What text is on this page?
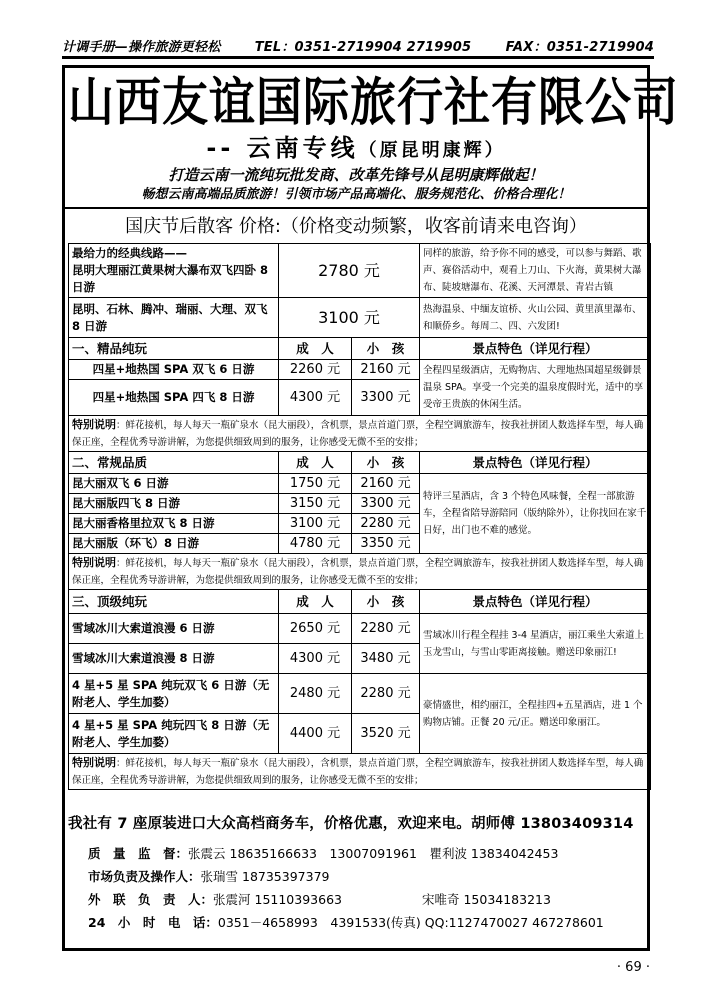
计调手册—操作旅游更轻松	TEL：0351-2719904 2719905	FAX：0351-2719904
山西友谊国际旅行社有限公司
-- 云南专线（原昆明康辉）
打造云南一流纯玩批发商、改革先锋号从昆明康辉做起！
畅想云南高端品质旅游！引领市场产品高端化、服务规范化、价格合理化！
国庆节后散客 价格:（价格变动频繁，收客前请来电咨询）
最给力的经典线路——
昆明大理丽江黄果树大瀑布双飞四卧 8 日游	2780 元		同样的旅游，给予你不同的感受，可以参与舞蹈、歌声、赛俗活动中，观看上刀山、下火海，黄果树大瀑布、陡坡塘瀑布、花溪、天河潭景、青岩古镇
昆明、石林、腾冲、瑞丽、大理、双飞 8 日游	3100 元		热海温泉、中缅友谊桥、火山公园、黄里滇里瀑布、和顺侨乡。每周二、四、六发团!
一、精品纯玩	成　人	小　孩	景点特色（详见行程）
四星+地热国 SPA 双飞 6 日游	2260 元	2160 元	全程四星级酒店，无购物店、大理地热国超星级御景温泉 SPA。享受一个完美的温泉度假时光，适中的享受帝王贵族的休闲生活。
四星+地热国 SPA 四飞 8 日游	4300 元	3300 元	
特别说明：鲜花接机，每人每天一瓶矿泉水（昆大丽段），含机票，景点首道门票，全程空调旅游车，按我社拼团人数选择车型，每人确保正座，全程优秀导游讲解，为您提供细致周到的服务，让你感受无微不至的安排；			
二、常规品质	成　人	小　孩	景点特色（详见行程）
昆大丽双飞 6 日游	1750 元	2160 元	特评三星酒店，含 3 个特色风味餐，全程一部旅游车，全程省陪导游陪同（版纳除外），让你找回在家千日好，出门也不难的感觉。
昆大丽版四飞 8 日游	3150 元	3300 元	
昆大丽香格里拉双飞 8 日游	3100 元	2280 元	
昆大丽版（环飞）8 日游	4780 元	3350 元	
特别说明：鲜花接机，每人每天一瓶矿泉水（昆大丽段），含机票，景点首道门票，全程空调旅游车，按我社拼团人数选择车型，每人确保正座，全程优秀导游讲解，为您提供细致周到的服务，让你感受无微不至的安排；			
三、顶级纯玩	成　人	小　孩	景点特色（详见行程）
雪域冰川大索道浪漫 6 日游	2650 元	2280 元	雪域冰川行程全程挂 3-4 星酒店，丽江乘坐大索道上玉龙雪山，与雪山零距离接触。赠送印象丽江!
雪域冰川大索道浪漫 8 日游	4300 元	3480 元	
4 星+5 星 SPA 纯玩双飞 6 日游（无附老人、学生加婺）	2480 元	2280 元	豪情盛世，相约丽江，全程挂四+五星酒店，进 1 个购物店铺。正餐 20 元/正。赠送印象丽江。
4 星+5 星 SPA 纯玩四飞 8 日游（无附老人、学生加婺）	4400 元	3520 元	
特别说明：鲜花接机，每人每天一瓶矿泉水（昆大丽段），含机票，景点首道门票，全程空调旅游车，按我社拼团人数选择车型，每人确保正座，全程优秀导游讲解，为您提供细致周到的服务，让你感受无微不至的安排；			
我社有 7 座原装进口大众高档商务车，价格优惠，欢迎来电。胡师傅 13803409314
质　量　监　督： 张震云 18635166633　13007091961　瞿利波 13834042453
市场负责及操作人： 张瑞雪 18735397379
外　联　负　责　人： 张震河 15110393663	宋唯奇 15034183213
24　小　时　电　话： 0351－4658993　4391533(传真) QQ:1127470027 467278601
· 69 ·
